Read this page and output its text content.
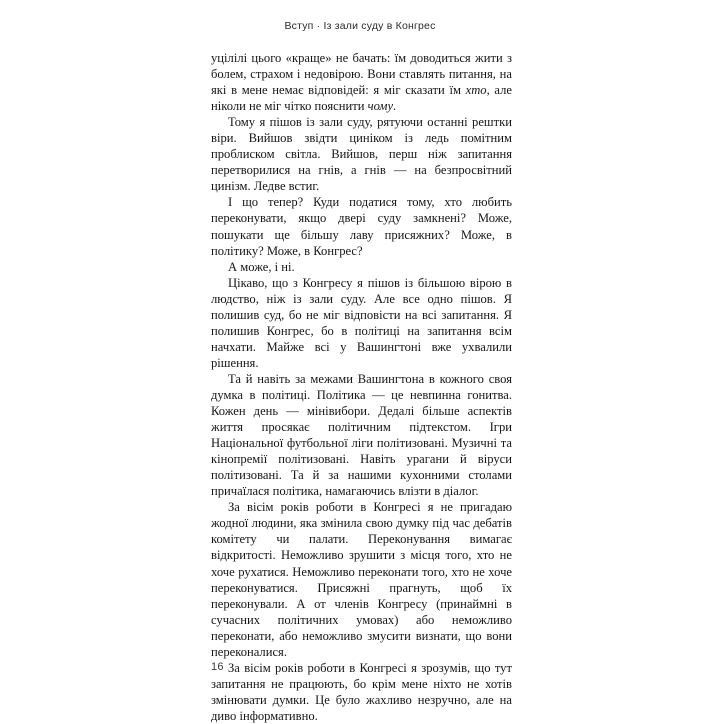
Вступ · Із зали суду в Конгрес

уцілілі цього «краще» не бачать: їм доводиться жити з болем, страхом і недовірою. Вони ставлять питання, на які в мене немає відповідей: я міг сказати їм хто, але ніколи не міг чітко пояснити чому.

Тому я пішов із зали суду, рятуючи останні рештки віри. Вийшов звідти циніком із ледь помітним проблиском світла. Вийшов, перш ніж запитання перетворилися на гнів, а гнів — на безпросвітний цинізм. Ледве встиг.

І що тепер? Куди податися тому, хто любить переконувати, якщо двері суду замкнені? Може, пошукати ще більшу лаву присяжних? Може, в політику? Може, в Конгрес?

А може, і ні.

Цікаво, що з Конгресу я пішов із більшою вірою в людство, ніж із зали суду. Але все одно пішов. Я полишив суд, бо не міг відповісти на всі запитання. Я полишив Конгрес, бо в політиці на запитання всім начхати. Майже всі у Вашингтоні вже ухвалили рішення.

Та й навіть за межами Вашингтона в кожного своя думка в політиці. Політика — це невпинна гонитва. Кожен день — мінівибори. Дедалі більше аспектів життя просякає політичним підтекстом. Ігри Національної футбольної ліги політизовані. Музичні та кінопремії політизовані. Навіть урагани й віруси політизовані. Та й за нашими кухонними столами причаїлася політика, намагаючись влізти в діалог.

За вісім років роботи в Конгресі я не пригадаю жодної людини, яка змінила свою думку під час дебатів комітету чи палати. Переконування вимагає відкритості. Неможливо зрушити з місця того, хто не хоче рухатися. Неможливо переконати того, хто не хоче переконуватися. Присяжні прагнуть, щоб їх переконували. А от членів Конгресу (принаймні в сучасних політичних умовах) або неможливо переконати, або неможливо змусити визнати, що вони переконалися.

За вісім років роботи в Конгресі я зрозумів, що тут запитання не працюють, бо крім мене ніхто не хотів змінювати думки. Це було жахливо незручно, але на диво інформативно.

16
